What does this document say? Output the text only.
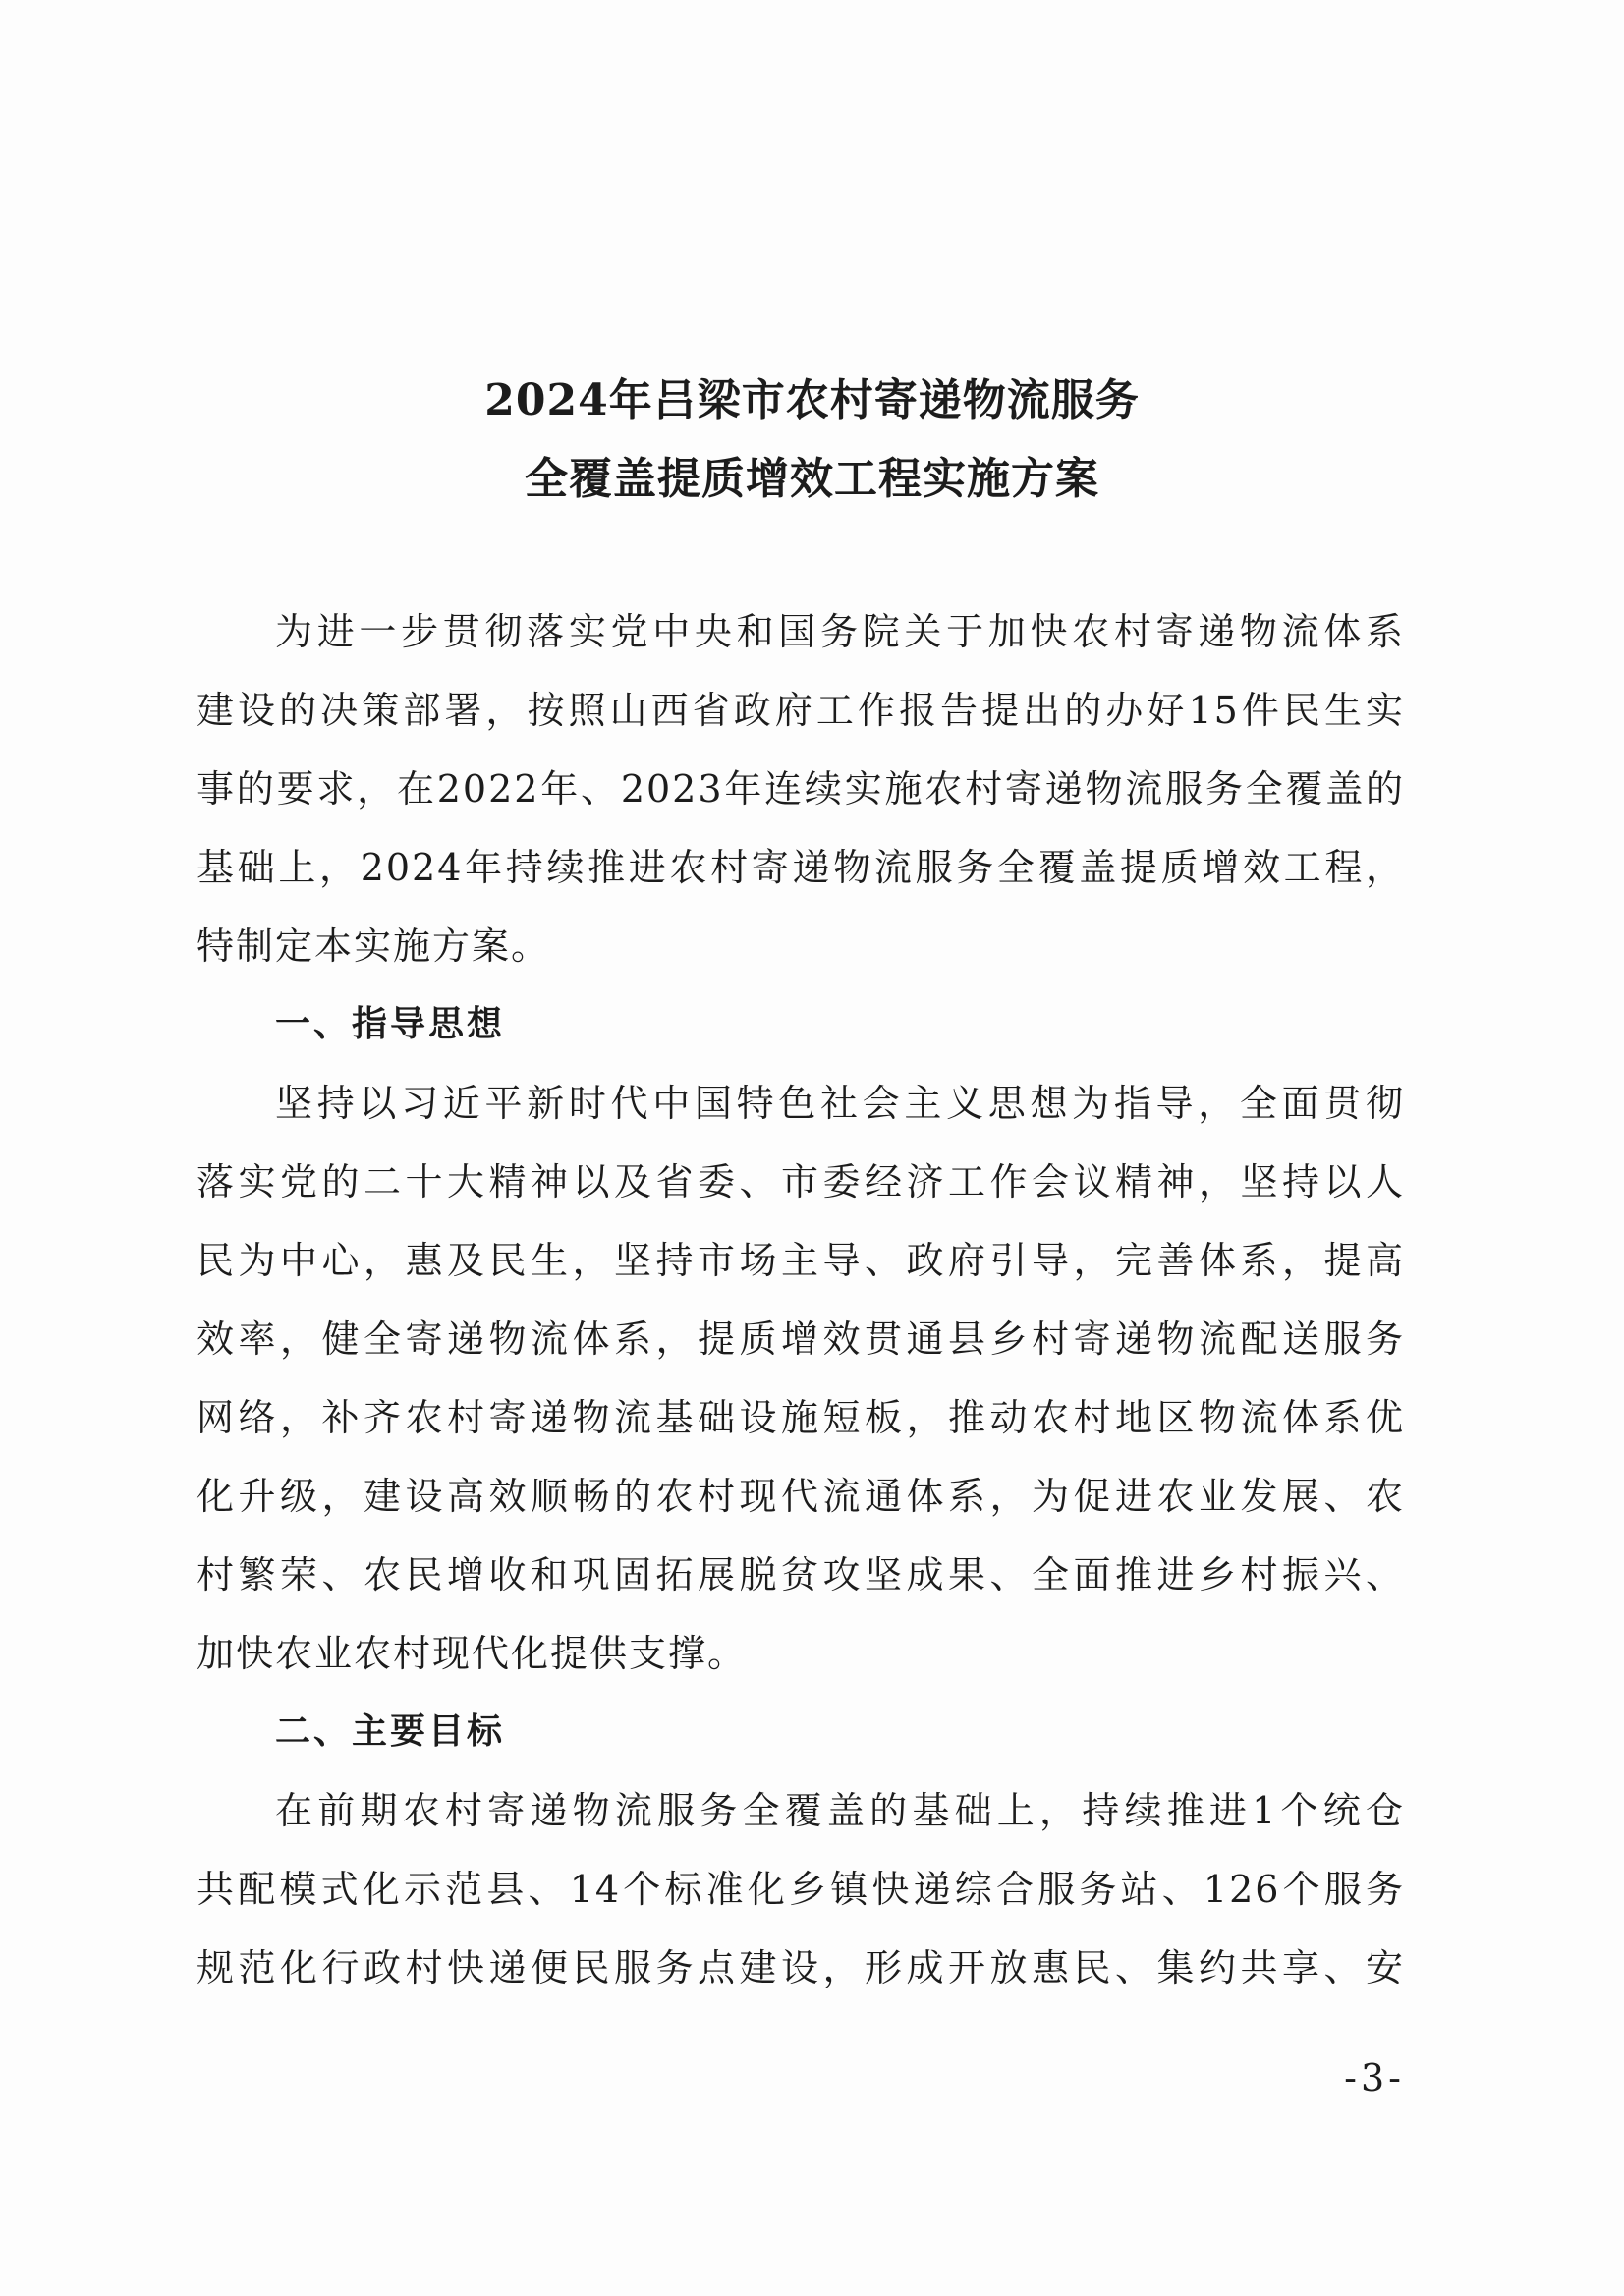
2024年吕梁市农村寄递物流服务
全覆盖提质增效工程实施方案
为进一步贯彻落实党中央和国务院关于加快农村寄递物流体系
建设的决策部署，按照山西省政府工作报告提出的办好15件民生实
事的要求，在2022年、2023年连续实施农村寄递物流服务全覆盖的
基础上，2024年持续推进农村寄递物流服务全覆盖提质增效工程，
特制定本实施方案。
一、指导思想
坚持以习近平新时代中国特色社会主义思想为指导，全面贯彻
落实党的二十大精神以及省委、市委经济工作会议精神，坚持以人
民为中心，惠及民生，坚持市场主导、政府引导，完善体系，提高
效率，健全寄递物流体系，提质增效贯通县乡村寄递物流配送服务
网络，补齐农村寄递物流基础设施短板，推动农村地区物流体系优
化升级，建设高效顺畅的农村现代流通体系，为促进农业发展、农
村繁荣、农民增收和巩固拓展脱贫攻坚成果、全面推进乡村振兴、
加快农业农村现代化提供支撑。
二、主要目标
在前期农村寄递物流服务全覆盖的基础上，持续推进1个统仓
共配模式化示范县、14个标准化乡镇快递综合服务站、126个服务
规范化行政村快递便民服务点建设，形成开放惠民、集约共享、安
-3-
